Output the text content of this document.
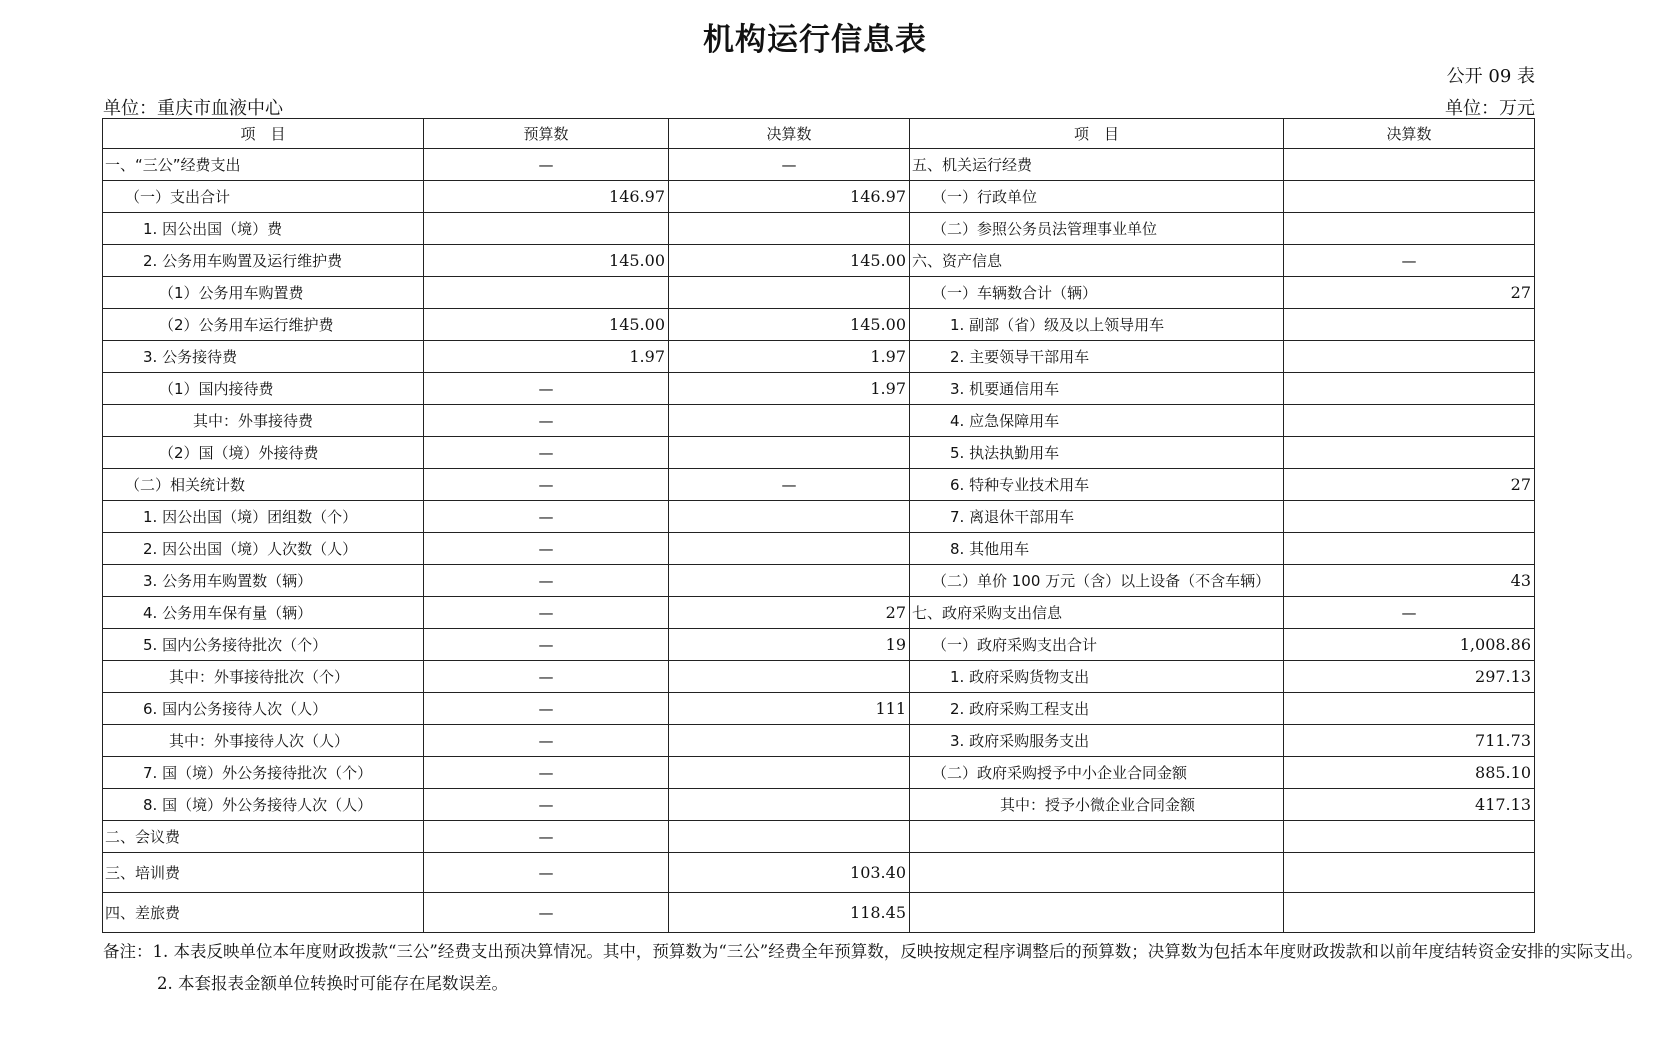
机构运行信息表
公开 09 表
单位：重庆市血液中心	单位：万元
项　目	预算数	决算数	项　目	决算数
一、“三公”经费支出	—	—	五、机关运行经费	
（一）支出合计	146.97	146.97	（一）行政单位	
1. 因公出国（境）费			（二）参照公务员法管理事业单位	
2. 公务用车购置及运行维护费	145.00	145.00	六、资产信息	—
（1）公务用车购置费			（一）车辆数合计（辆）	27
（2）公务用车运行维护费	145.00	145.00	1. 副部（省）级及以上领导用车	
3. 公务接待费	1.97	1.97	2. 主要领导干部用车	
（1）国内接待费	—	1.97	3. 机要通信用车	
其中：外事接待费	—		4. 应急保障用车	
（2）国（境）外接待费	—		5. 执法执勤用车	
（二）相关统计数	—	—	6. 特种专业技术用车	27
1. 因公出国（境）团组数（个）	—		7. 离退休干部用车	
2. 因公出国（境）人次数（人）	—		8. 其他用车	
3. 公务用车购置数（辆）	—		（二）单价 100 万元（含）以上设备（不含车辆）	43
4. 公务用车保有量（辆）	—	27	七、政府采购支出信息	—
5. 国内公务接待批次（个）	—	19	（一）政府采购支出合计	1,008.86
其中：外事接待批次（个）	—		1. 政府采购货物支出	297.13
6. 国内公务接待人次（人）	—	111	2. 政府采购工程支出	
其中：外事接待人次（人）	—		3. 政府采购服务支出	711.73
7. 国（境）外公务接待批次（个）	—		（二）政府采购授予中小企业合同金额	885.10
8. 国（境）外公务接待人次（人）	—		其中：授予小微企业合同金额	417.13
二、会议费	—			
三、培训费	—	103.40		
四、差旅费	—	118.45		

备注：1. 本表反映单位本年度财政拨款“三公”经费支出预决算情况。其中，预算数为“三公”经费全年预算数，反映按规定程序调整后的预算数；决算数为包括本年度财政拨款和以前年度结转资金安排的实际支出。

2. 本套报表金额单位转换时可能存在尾数误差。
